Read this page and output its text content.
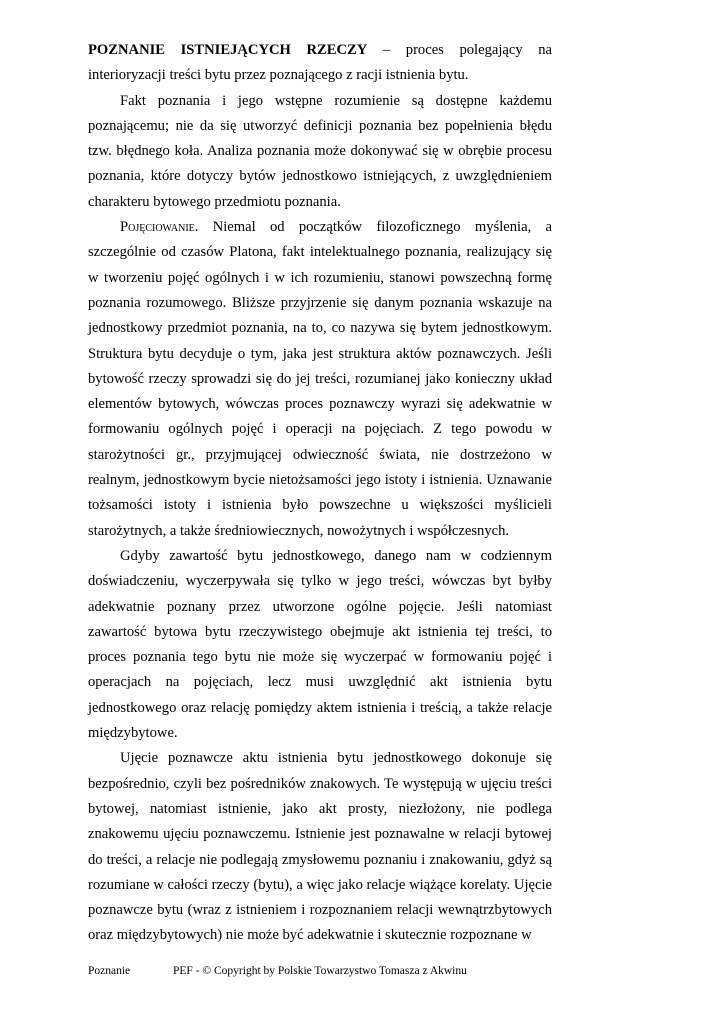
POZNANIE ISTNIEJĄCYCH RZECZY – proces polegający na interioryzacji treści bytu przez poznającego z racji istnienia bytu.

Fakt poznania i jego wstępne rozumienie są dostępne każdemu poznającemu; nie da się utworzyć definicji poznania bez popełnienia błędu tzw. błędnego koła. Analiza poznania może dokonywać się w obrębie procesu poznania, które dotyczy bytów jednostkowo istniejących, z uwzględnieniem charakteru bytowego przedmiotu poznania.

Pojęciowanie. Niemal od początków filozoficznego myślenia, a szczególnie od czasów Platona, fakt intelektualnego poznania, realizujący się w tworzeniu pojęć ogólnych i w ich rozumieniu, stanowi powszechną formę poznania rozumowego. Bliższe przyjrzenie się danym poznania wskazuje na jednostkowy przedmiot poznania, na to, co nazywa się bytem jednostkowym. Struktura bytu decyduje o tym, jaka jest struktura aktów poznawczych. Jeśli bytowość rzeczy sprowadzi się do jej treści, rozumianej jako konieczny układ elementów bytowych, wówczas proces poznawczy wyrazi się adekwatnie w formowaniu ogólnych pojęć i operacji na pojęciach. Z tego powodu w starożytności gr., przyjmującej odwieczność świata, nie dostrzeżono w realnym, jednostkowym bycie nietożsamości jego istoty i istnienia. Uznawanie tożsamości istoty i istnienia było powszechne u większości myślicieli starożytnych, a także średniowiecznych, nowożytnych i współczesnych.

Gdyby zawartość bytu jednostkowego, danego nam w codziennym doświadczeniu, wyczerpywała się tylko w jego treści, wówczas byt byłby adekwatnie poznany przez utworzone ogólne pojęcie. Jeśli natomiast zawartość bytowa bytu rzeczywistego obejmuje akt istnienia tej treści, to proces poznania tego bytu nie może się wyczerpać w formowaniu pojęć i operacjach na pojęciach, lecz musi uwzględnić akt istnienia bytu jednostkowego oraz relację pomiędzy aktem istnienia i treścią, a także relacje międzybytowe.

Ujęcie poznawcze aktu istnienia bytu jednostkowego dokonuje się bezpośrednio, czyli bez pośredników znakowych. Te występują w ujęciu treści bytowej, natomiast istnienie, jako akt prosty, niezłożony, nie podlega znakowemu ujęciu poznawczemu. Istnienie jest poznawalne w relacji bytowej do treści, a relacje nie podlegają zmysłowemu poznaniu i znakowaniu, gdyż są rozumiane w całości rzeczy (bytu), a więc jako relacje wiążące korelaty. Ujęcie poznawcze bytu (wraz z istnieniem i rozpoznaniem relacji wewnątrzbytowych oraz międzybytowych) nie może być adekwatnie i skutecznie rozpoznane w

Poznanie	PEF - © Copyright by Polskie Towarzystwo Tomasza z Akwinu
